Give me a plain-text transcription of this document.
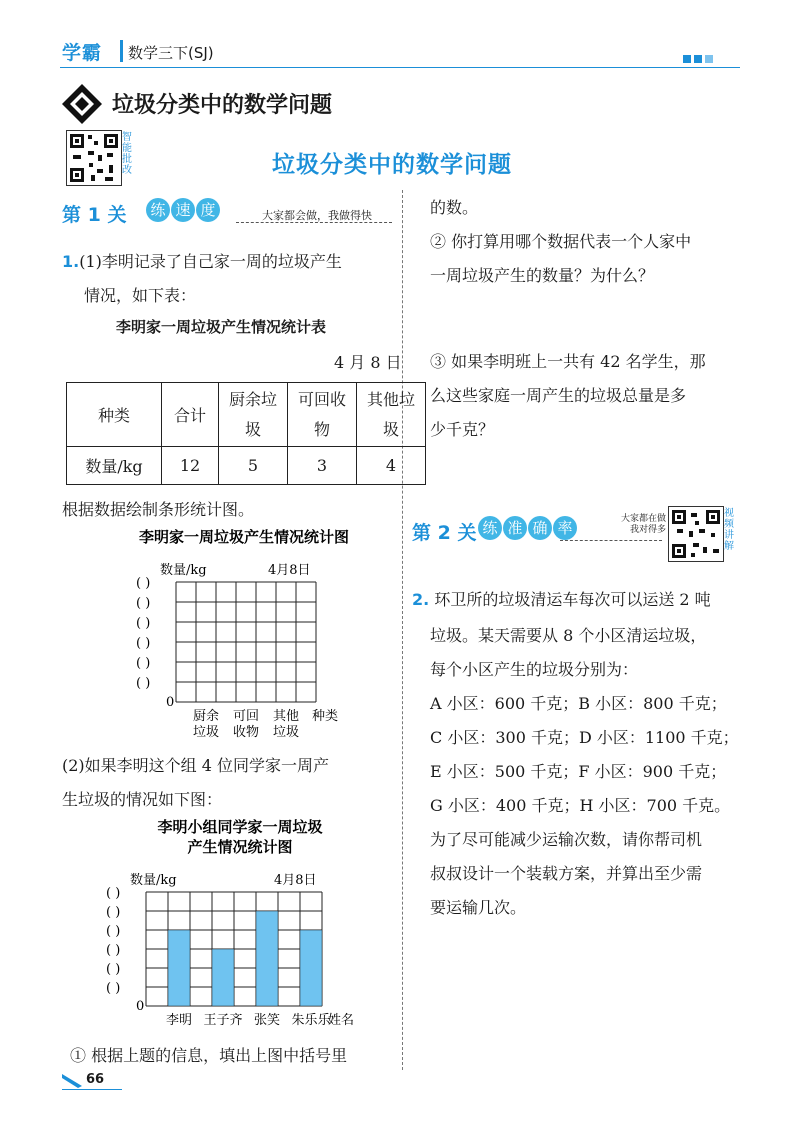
学霸 数学三下(SJ)
垃圾分类中的数学问题
智能批改	垃圾分类中的数学问题
第 1 关 练 速 度	大家都会做，我做得快
1.(1)李明记录了自己家一周的垃圾产生
情况，如下表：
李明家一周垃圾产生情况统计表
4 月 8 日
种类	合计	厨余垃圾	可回收物	其他垃圾
数量/kg	12	5	3	4
根据数据绘制条形统计图。
李明家一周垃圾产生情况统计图
数量/kg	4月8日
( )
( )
( )
( )
( )
( )
0
厨余
垃圾
可回
收物
其他
垃圾
种类
(2)如果李明这个组 4 位同学家一周产
生垃圾的情况如下图：
李明小组同学家一周垃圾
产生情况统计图
数量/kg	4月8日
( )
( )
( )
( )
( )
( )
0
李明 王子齐 张笑 朱乐乐
姓名
① 根据上题的信息，填出上图中括号里
的数。
② 你打算用哪个数据代表一个人家中
一周垃圾产生的数量？为什么？
③ 如果李明班上一共有 42 名学生，那
么这些家庭一周产生的垃圾总量是多
少千克？
第 2 关 练 准 确 率	大家都在做
我对得多
视频讲解
2. 环卫所的垃圾清运车每次可以运送 2 吨
垃圾。某天需要从 8 个小区清运垃圾，
每个小区产生的垃圾分别为：
A 小区：600 千克；B 小区：800 千克；
C 小区：300 千克；D 小区：1100 千克；
E 小区：500 千克；F 小区：900 千克；
G 小区：400 千克；H 小区：700 千克。
为了尽可能减少运输次数，请你帮司机
叔叔设计一个装载方案，并算出至少需
要运输几次。
66
